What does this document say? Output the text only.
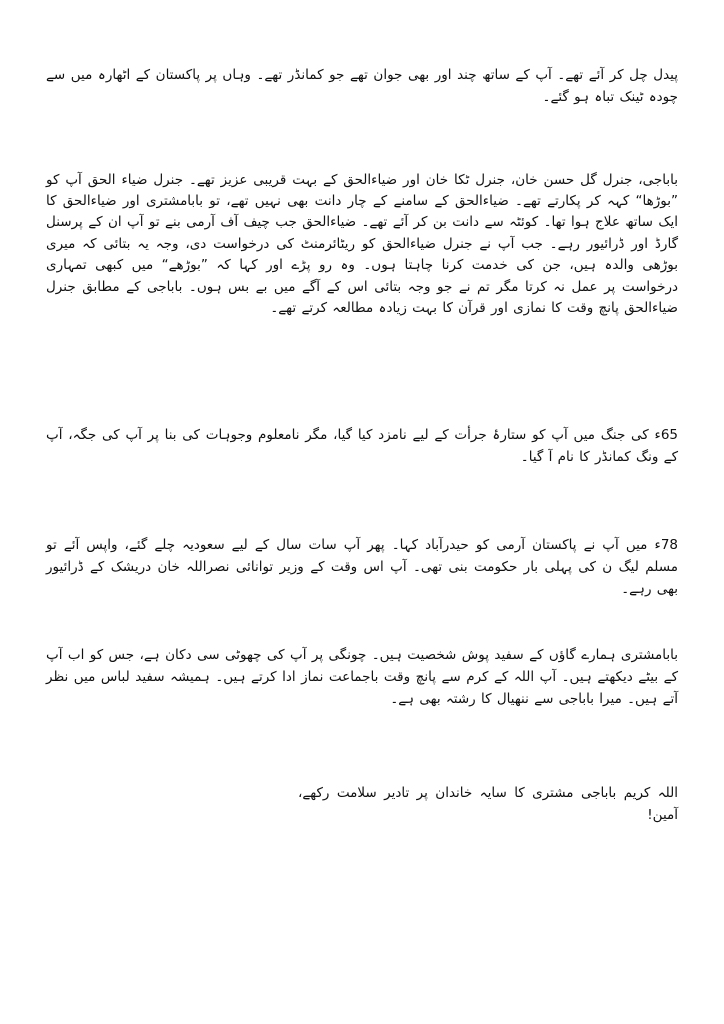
پیدل چل کر آئے تھے۔ آپ کے ساتھ چند اور بھی جوان تھے جو کمانڈر تھے۔ وہاں پر پاکستان کے اٹھارہ میں سے چودہ ٹینک تباہ ہو گئے۔

باباجی، جنرل گل حسن خان، جنرل ٹکا خان اور ضیاءالحق کے بہت قریبی عزیز تھے۔ جنرل ضیاء الحق آپ کو ”بوڑھا“ کہہ کر پکارتے تھے۔ ضیاءالحق کے سامنے کے چار دانت بھی نہیں تھے، تو بابامشتری اور ضیاءالحق کا ایک ساتھ علاج ہوا تھا۔ کوئٹہ سے دانت بن کر آئے تھے۔ ضیاءالحق جب چیف آف آرمی بنے تو آپ ان کے پرسنل گارڈ اور ڈرائیور رہے۔ جب آپ نے جنرل ضیاءالحق کو ریٹائرمنٹ کی درخواست دی، وجہ یہ بتائی کہ میری بوڑھی والدہ ہیں، جن کی خدمت کرنا چاہتا ہوں۔ وہ رو پڑے اور کہا کہ ”بوڑھے“ میں کبھی تمہاری درخواست پر عمل نہ کرتا مگر تم نے جو وجہ بتائی اس کے آگے میں بے بس ہوں۔ باباجی کے مطابق جنرل ضیاءالحق پانچ وقت کا نمازی اور قرآن کا بہت زیادہ مطالعہ کرتے تھے۔

65ء کی جنگ میں آپ کو ستارۂ جرأت کے لیے نامزد کیا گیا، مگر نامعلوم وجوہات کی بنا پر آپ کی جگہ، آپ کے ونگ کمانڈر کا نام آ گیا۔

78ء میں آپ نے پاکستان آرمی کو حیدرآباد کہا۔ پھر آپ سات سال کے لیے سعودیہ چلے گئے، واپس آئے تو مسلم لیگ ن کی پہلی بار حکومت بنی تھی۔ آپ اس وقت کے وزیر توانائی نصراللہ خان دریشک کے ڈرائیور بھی رہے۔

بابامشتری ہمارے گاؤں کے سفید پوش شخصیت ہیں۔ چونگی پر آپ کی چھوٹی سی دکان ہے، جس کو اب آپ کے بیٹے دیکھتے ہیں۔ آپ اللہ کے کرم سے پانچ وقت باجماعت نماز ادا کرتے ہیں۔ ہمیشہ سفید لباس میں نظر آتے ہیں۔ میرا باباجی سے ننھیال کا رشتہ بھی ہے۔

اللہ کریم باباجی مشتری کا سایہ خاندان پر تادیر سلامت رکھے، آمین!
